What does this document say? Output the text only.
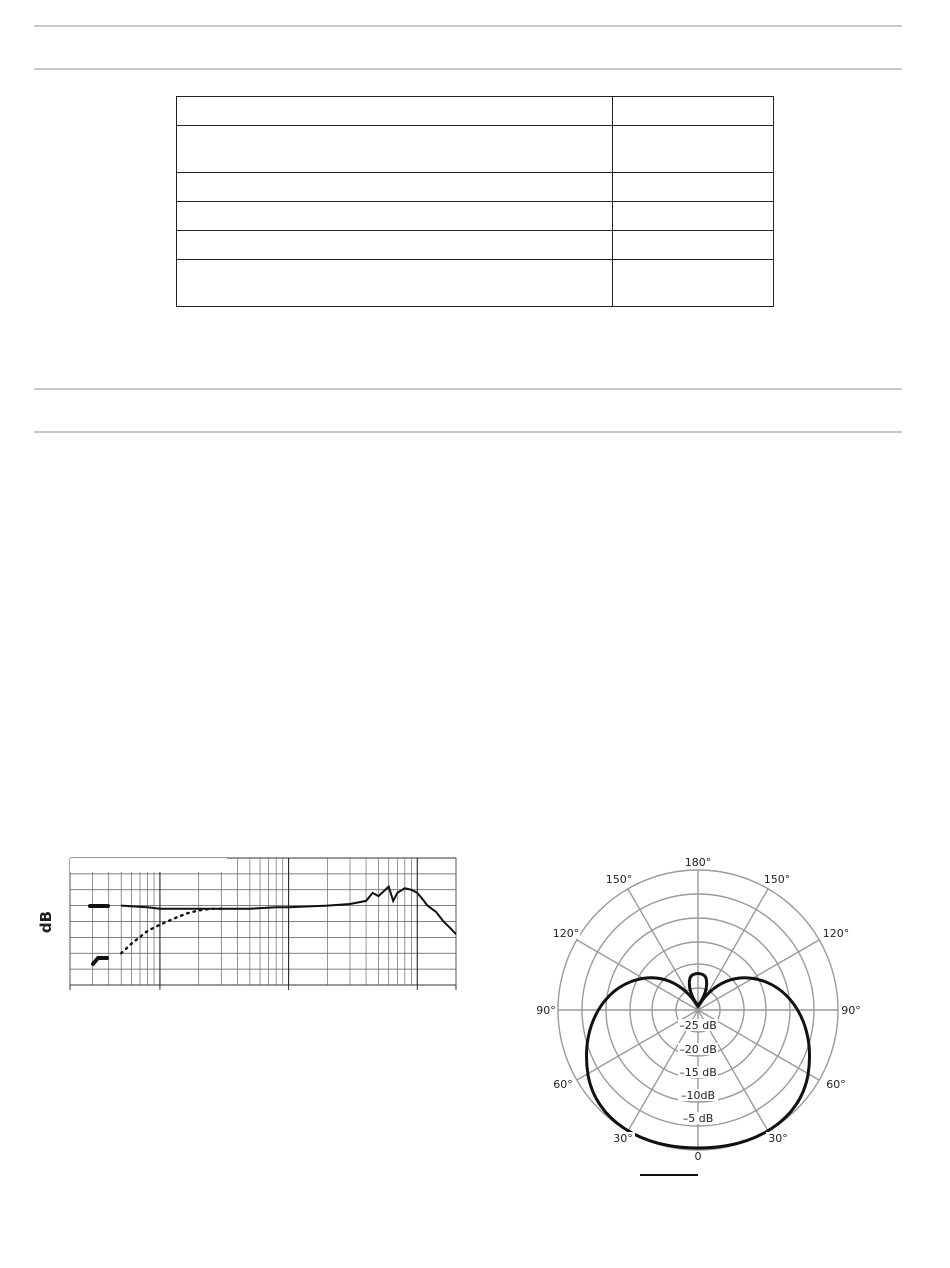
dB
180°
150°	150°
120°	120°
90°	90°
60°	60°
30°	30°
0
–25 dB
–20 dB
–15 dB
–10dB
–5 dB
